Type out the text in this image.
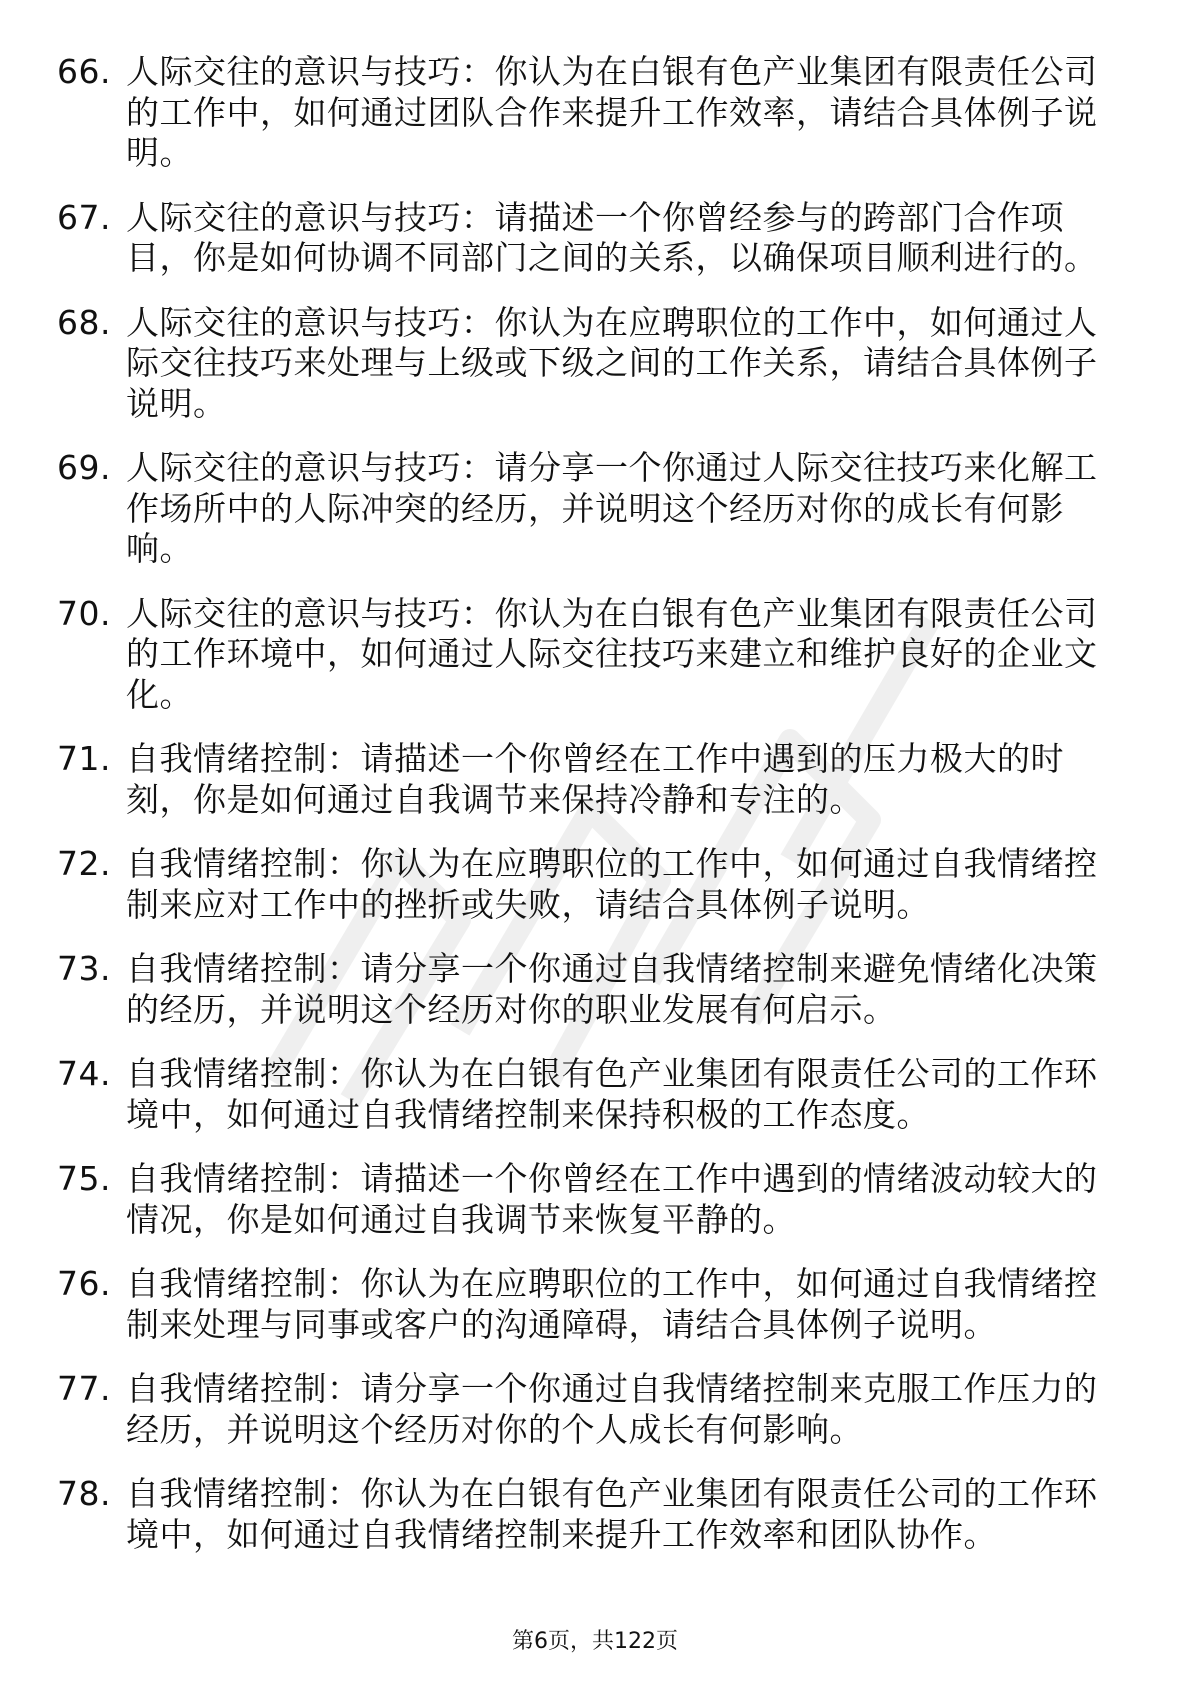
66. 人际交往的意识与技巧：你认为在白银有色产业集团有限责任公司的工作中，如何通过团队合作来提升工作效率，请结合具体例子说明。
67. 人际交往的意识与技巧：请描述一个你曾经参与的跨部门合作项目，你是如何协调不同部门之间的关系，以确保项目顺利进行的。
68. 人际交往的意识与技巧：你认为在应聘职位的工作中，如何通过人际交往技巧来处理与上级或下级之间的工作关系，请结合具体例子说明。
69. 人际交往的意识与技巧：请分享一个你通过人际交往技巧来化解工作场所中的人际冲突的经历，并说明这个经历对你的成长有何影响。
70. 人际交往的意识与技巧：你认为在白银有色产业集团有限责任公司的工作环境中，如何通过人际交往技巧来建立和维护良好的企业文化。
71. 自我情绪控制：请描述一个你曾经在工作中遇到的压力极大的时刻，你是如何通过自我调节来保持冷静和专注的。
72. 自我情绪控制：你认为在应聘职位的工作中，如何通过自我情绪控制来应对工作中的挫折或失败，请结合具体例子说明。
73. 自我情绪控制：请分享一个你通过自我情绪控制来避免情绪化决策的经历，并说明这个经历对你的职业发展有何启示。
74. 自我情绪控制：你认为在白银有色产业集团有限责任公司的工作环境中，如何通过自我情绪控制来保持积极的工作态度。
75. 自我情绪控制：请描述一个你曾经在工作中遇到的情绪波动较大的情况，你是如何通过自我调节来恢复平静的。
76. 自我情绪控制：你认为在应聘职位的工作中，如何通过自我情绪控制来处理与同事或客户的沟通障碍，请结合具体例子说明。
77. 自我情绪控制：请分享一个你通过自我情绪控制来克服工作压力的经历，并说明这个经历对你的个人成长有何影响。
78. 自我情绪控制：你认为在白银有色产业集团有限责任公司的工作环境中，如何通过自我情绪控制来提升工作效率和团队协作。
第6页，共122页
